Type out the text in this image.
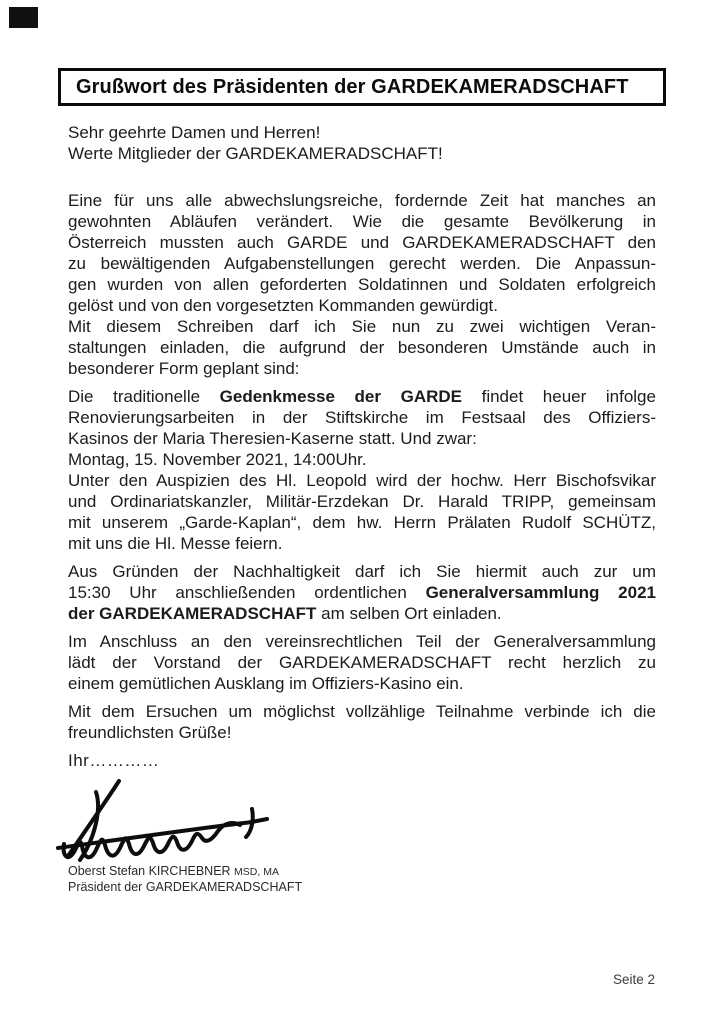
Grußwort des Präsidenten der GARDEKAMERADSCHAFT
Sehr geehrte Damen und Herren!
Werte Mitglieder der GARDEKAMERADSCHAFT!
Eine für uns alle abwechslungsreiche, fordernde Zeit hat manches an
gewohnten Abläufen verändert. Wie die gesamte Bevölkerung in
Österreich mussten auch GARDE und GARDEKAMERADSCHAFT den
zu bewältigenden Aufgabenstellungen gerecht werden. Die Anpassun-
gen wurden von allen geforderten Soldatinnen und Soldaten erfolgreich
gelöst und von den vorgesetzten Kommanden gewürdigt.
Mit diesem Schreiben darf ich Sie nun zu zwei wichtigen Veran-
staltungen einladen, die aufgrund der besonderen Umstände auch in
besonderer Form geplant sind:
Die traditionelle Gedenkmesse der GARDE findet heuer infolge
Renovierungsarbeiten in der Stiftskirche im Festsaal des Offiziers-
Kasinos der Maria Theresien-Kaserne statt. Und zwar:
Montag, 15. November 2021, 14:00Uhr.
Unter den Auspizien des Hl. Leopold wird der hochw. Herr Bischofsvikar
und Ordinariatskanzler, Militär-Erzdekan Dr. Harald TRIPP, gemeinsam
mit unserem „Garde-Kaplan“, dem hw. Herrn Prälaten Rudolf SCHÜTZ,
mit uns die Hl. Messe feiern.
Aus Gründen der Nachhaltigkeit darf ich Sie hiermit auch zur um
15:30 Uhr anschließenden ordentlichen Generalversammlung 2021
der GARDEKAMERADSCHAFT am selben Ort einladen.
Im Anschluss an den vereinsrechtlichen Teil der Generalversammlung
lädt der Vorstand der GARDEKAMERADSCHAFT recht herzlich zu
einem gemütlichen Ausklang im Offiziers-Kasino ein.
Mit dem Ersuchen um möglichst vollzählige Teilnahme verbinde ich die
freundlichsten Grüße!
Ihr…………
Oberst Stefan KIRCHEBNER MSD, MA
Präsident der GARDEKAMERADSCHAFT
Seite 2
